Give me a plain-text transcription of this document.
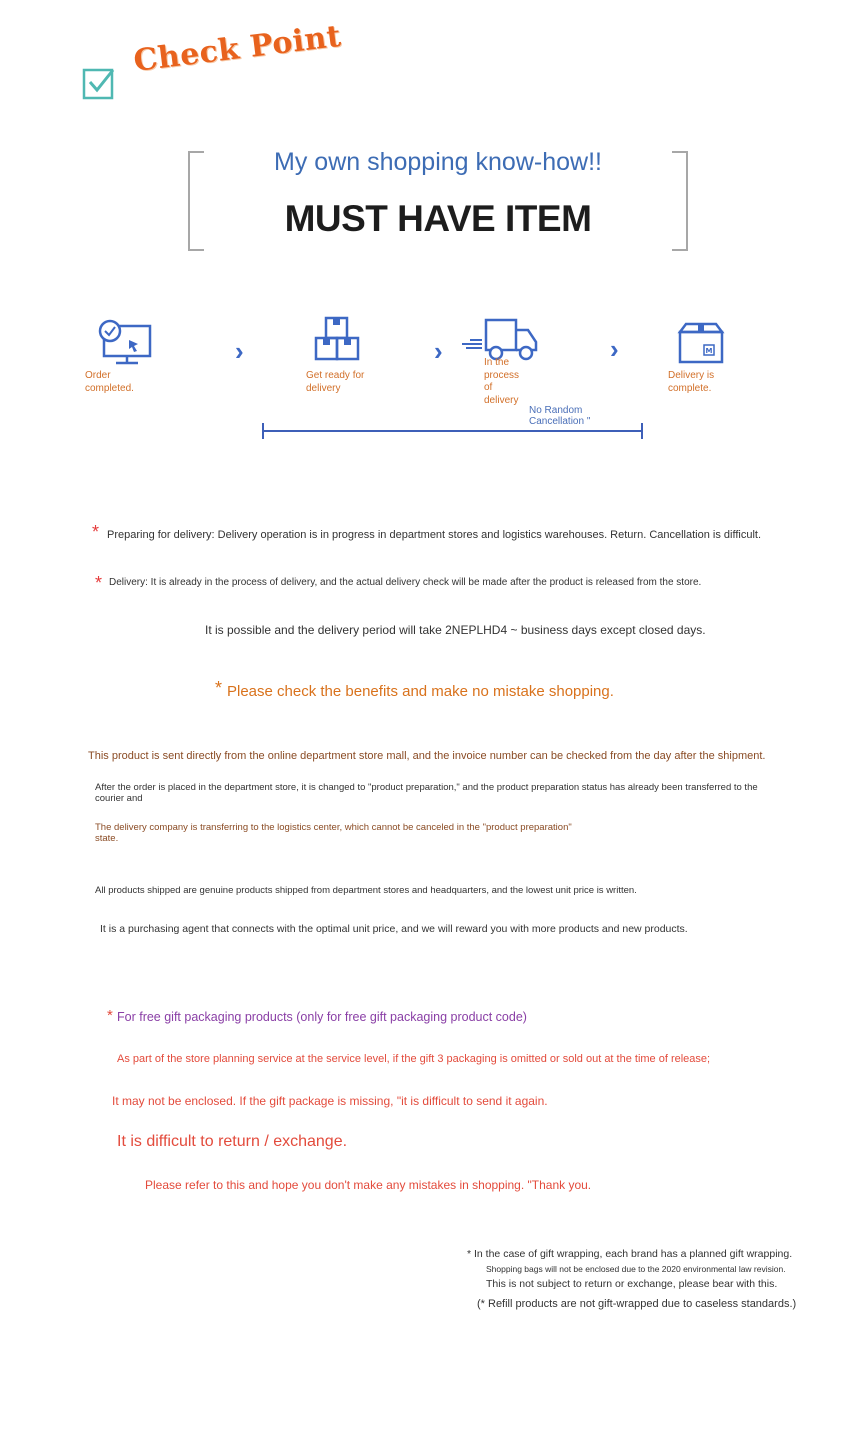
Check Point
My own shopping know-how!!
MUST HAVE ITEM
Order completed.
›
Get ready for delivery
›	In the process of delivery
›	M
Delivery is complete.
No Random Cancellation "
* Preparing for delivery: Delivery operation is in progress in department stores and logistics warehouses. Return. Cancellation is difficult.
* Delivery: It is already in the process of delivery, and the actual delivery check will be made after the product is released from the store.
It is possible and the delivery period will take 2NEPLHD4 ~ business days except closed days.
* Please check the benefits and make no mistake shopping.
This product is sent directly from the online department store mall, and the invoice number can be checked from the day after the shipment.
After the order is placed in the department store, it is changed to "product preparation," and the product preparation status has already been transferred to the courier and
The delivery company is transferring to the logistics center, which cannot be canceled in the "product preparation" state.
All products shipped are genuine products shipped from department stores and headquarters, and the lowest unit price is written.
It is a purchasing agent that connects with the optimal unit price, and we will reward you with more products and new products.
* For free gift packaging products (only for free gift packaging product code)
As part of the store planning service at the service level, if the gift 3 packaging is omitted or sold out at the time of release;
It may not be enclosed. If the gift package is missing, "it is difficult to send it again.
It is difficult to return / exchange.
Please refer to this and hope you don't make any mistakes in shopping. "Thank you.
* In the case of gift wrapping, each brand has a planned gift wrapping.
Shopping bags will not be enclosed due to the 2020 environmental law revision.
This is not subject to return or exchange, please bear with this.
(* Refill products are not gift-wrapped due to caseless standards.)
